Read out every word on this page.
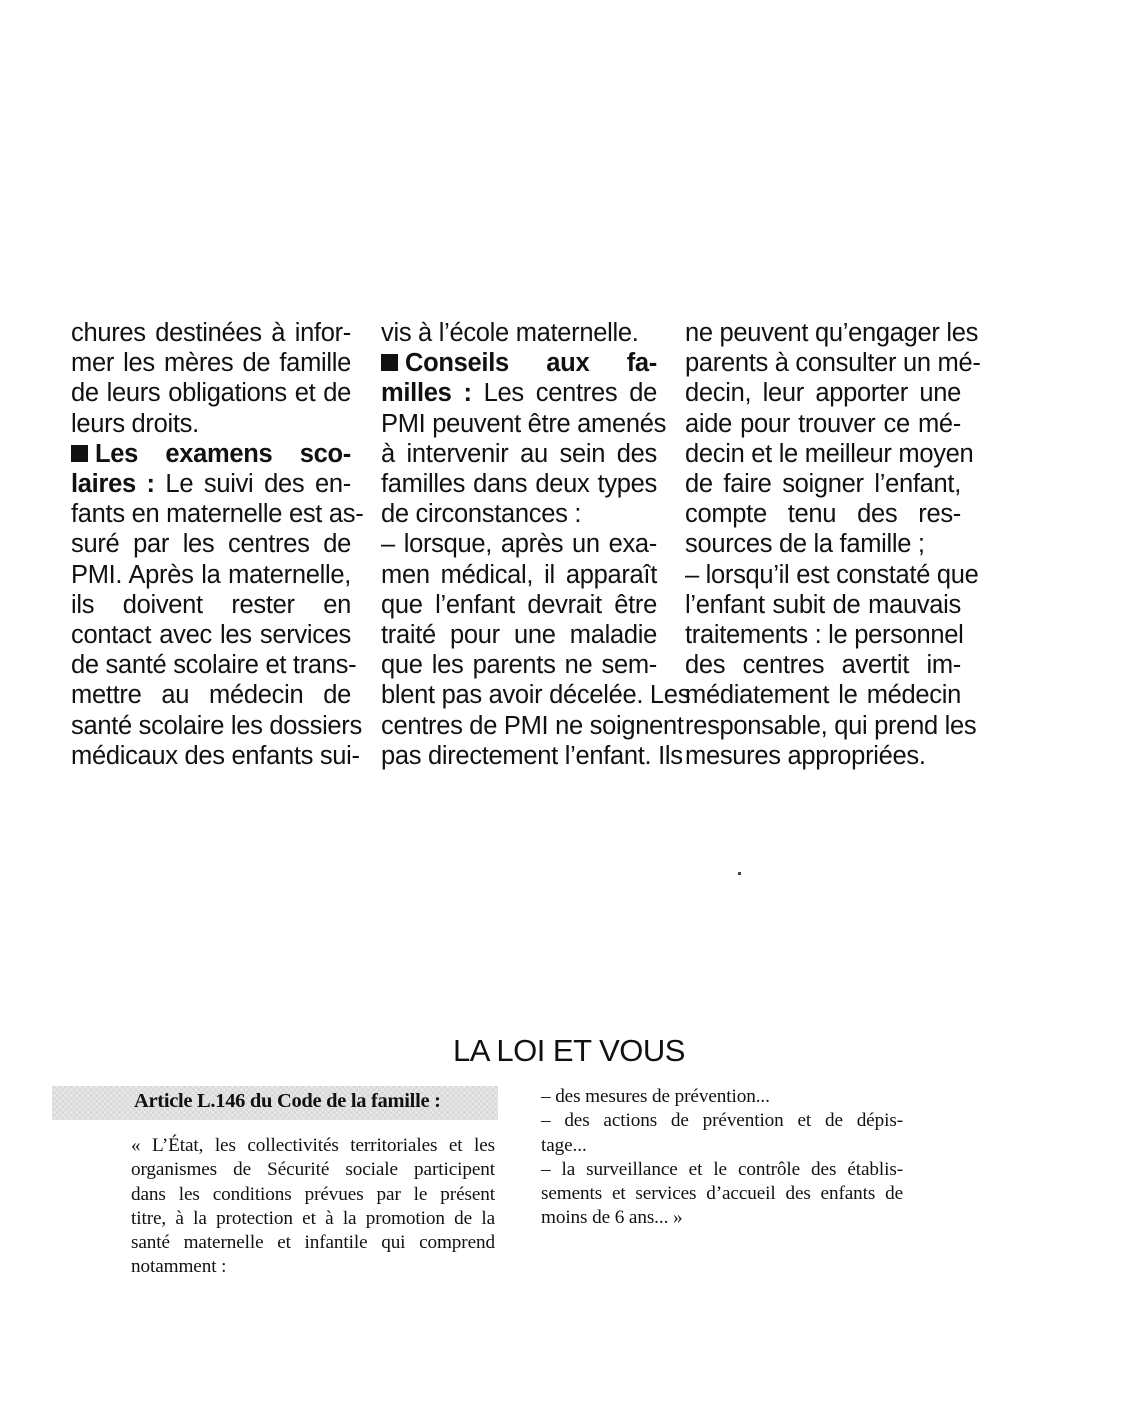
chures destinées à infor-
mer les mères de famille
de leurs obligations et de
leurs droits.
Les examens sco-
laires : Le suivi des en-
fants en maternelle est as-
suré par les centres de
PMI. Après la maternelle,
ils doivent rester en
contact avec les services
de santé scolaire et trans-
mettre au médecin de
santé scolaire les dossiers
médicaux des enfants sui-
vis à l’école maternelle.
Conseils aux fa-
milles : Les centres de
PMI peuvent être amenés
à intervenir au sein des
familles dans deux types
de circonstances :
– lorsque, après un exa-
men médical, il apparaît
que l’enfant devrait être
traité pour une maladie
que les parents ne sem-
blent pas avoir décelée. Les
centres de PMI ne soignent
pas directement l’enfant. Ils
ne peuvent qu’engager les
parents à consulter un mé-
decin, leur apporter une
aide pour trouver ce mé-
decin et le meilleur moyen
de faire soigner l’enfant,
compte tenu des res-
sources de la famille ;
– lorsqu’il est constaté que
l’enfant subit de mauvais
traitements : le personnel
des centres avertit im-
médiatement le médecin
responsable, qui prend les
mesures appropriées.
LA LOI ET VOUS
Article L.146 du Code de la famille :
« L’État, les collectivités territoriales et les
organismes de Sécurité sociale participent
dans les conditions prévues par le présent
titre, à la protection et à la promotion de la
santé maternelle et infantile qui comprend
notamment :
– des mesures de prévention...
– des actions de prévention et de dépis-
tage...
– la surveillance et le contrôle des établis-
sements et services d’accueil des enfants de
moins de 6 ans... »
